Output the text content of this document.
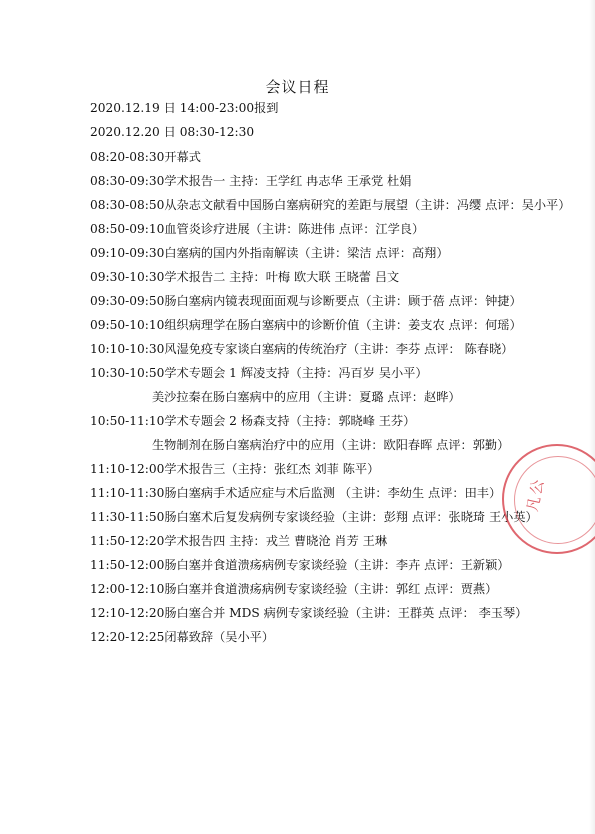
会议日程
2020.12.19 日 14:00-23:00报到
2020.12.20 日 08:30-12:30
08:20-08:30开幕式
08:30-09:30学术报告一 主持：王学红 冉志华 王承党 杜娟
08:30-08:50从杂志文献看中国肠白塞病研究的差距与展望（主讲：冯缨 点评：吴小平）
08:50-09:10血管炎诊疗进展（主讲：陈进伟 点评：江学良）
09:10-09:30白塞病的国内外指南解读（主讲：梁洁 点评：高翔）
09:30-10:30学术报告二 主持：叶梅 欧大联 王晓蕾 吕文
09:30-09:50肠白塞病内镜表现面面观与诊断要点（主讲：顾于蓓 点评：钟捷）
09:50-10:10组织病理学在肠白塞病中的诊断价值（主讲：姜支农 点评：何瑶）
10:10-10:30风湿免疫专家谈白塞病的传统治疗（主讲：李芬 点评： 陈春晓）
10:30-10:50学术专题会 1 辉凌支持（主持：冯百岁 吴小平）
美沙拉秦在肠白塞病中的应用（主讲：夏璐 点评：赵晔）
10:50-11:10学术专题会 2 杨森支持（主持：郭晓峰 王芬）
生物制剂在肠白塞病治疗中的应用（主讲：欧阳春晖 点评：郭勤）
11:10-12:00学术报告三（主持：张红杰 刘菲 陈平）
11:10-11:30肠白塞病手术适应症与术后监测 （主讲：李幼生 点评：田丰）
11:30-11:50肠白塞术后复发病例专家谈经验（主讲：彭翔 点评：张晓琦 王小英）
11:50-12:20学术报告四 主持：戎兰 曹晓沧 肖芳 王琳
11:50-12:00肠白塞并食道溃疡病例专家谈经验（主讲：李卉 点评：王新颖）
12:00-12:10肠白塞并食道溃疡病例专家谈经验（主讲：郭红 点评：贾燕）
12:10-12:20肠白塞合并 MDS 病例专家谈经验（主讲：王群英 点评： 李玉琴）
12:20-12:25闭幕致辞（吴小平）
凡公
